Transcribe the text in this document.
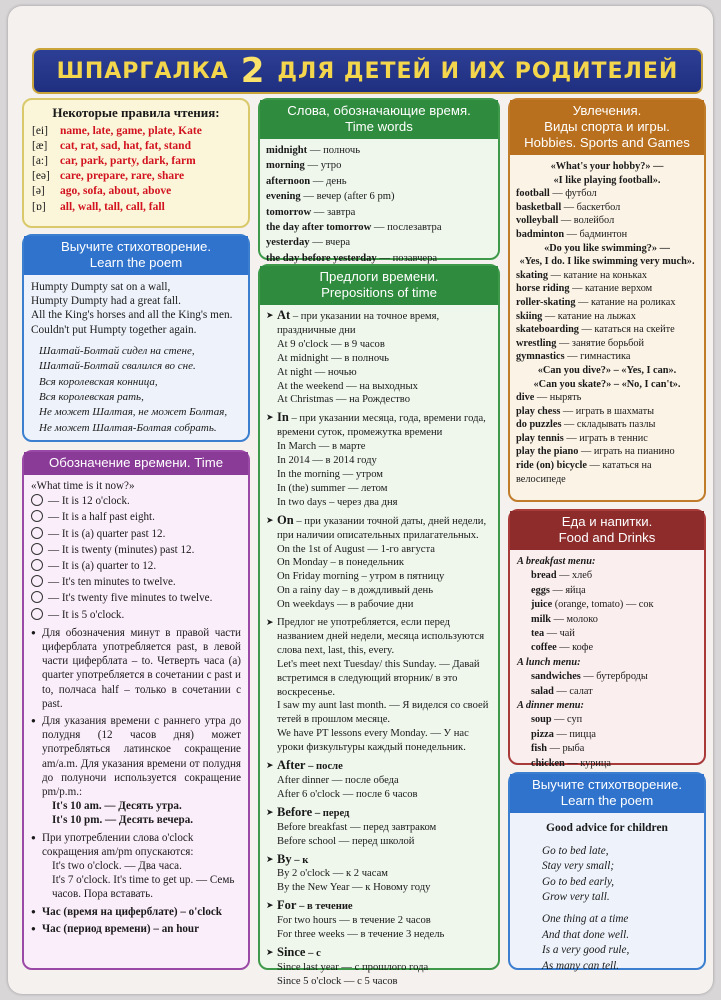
ШПАРГАЛКА 2 ДЛЯ ДЕТЕЙ И ИХ РОДИТЕЛЕЙ
Некоторые правила чтения:
[ei] name, late, game, plate, Kate
[æ] cat, rat, sad, hat, fat, stand
[a:] car, park, party, dark, farm
[eə] care, prepare, rare, share
[ə] ago, sofa, about, above
[ɒ] all, wall, tall, call, fall
Выучите стихотворение.
Learn the poem
Humpty Dumpty sat on a wall,
Humpty Dumpty had a great fall.
All the King's horses and all the King's men.
Couldn't put Humpty together again.
Шалтай-Болтай сидел на стене,
Шалтай-Болтай свалился во сне.
Вся королевская конница,
Вся королевская рать,
Не может Шалтая, не может Болтая,
Не может Шалтая-Болтая собрать.
Обозначение времени. Time
«What time is it now?»
— It is 12 o'clock.
— It is a half past eight.
— It is (a) quarter past 12.
— It is twenty (minutes) past 12.
— It is (a) quarter to 12.
— It's ten minutes to twelve.
— It's twenty five minutes to twelve.
— It is 5 o'clock.
● Для обозначения минут в правой части циферблата употребляется past, в левой части циферблата – to. Четверть часа (a) quarter употребляется в сочетании с past и to, полчаса half – только в сочетании с past.
● Для указания времени с раннего утра до полудня (12 часов дня) может употребляться латинское сокращение am/a.m. Для указания времени от полудня до полуночи используется сокращение pm/p.m.:
It's 10 am. — Десять утра.
It's 10 pm. — Десять вечера.
● При употреблении слова o'clock сокращения am/pm опускаются:
It's two o'clock. — Два часа.
It's 7 o'clock. It's time to get up. — Семь часов. Пора вставать.
● Час (время на циферблате) – o'clock
● Час (период времени) – an hour
Слова, обозначающие время.
Time words
midnight — полночь
morning — утро
afternoon — день
evening — вечер (after 6 pm)
tomorrow — завтра
the day after tomorrow — послезавтра
yesterday — вчера
the day before yesterday — позавчера
Предлоги времени.
Prepositions of time
➤ At – при указании на точное время, праздничные дни
At 9 o'clock — в 9 часов
At midnight — в полночь
At night — ночью
At the weekend — на выходных
At Christmas — на Рождество
➤ In – при указании месяца, года, времени года, времени суток, промежутка времени
In March — в марте
In 2014 — в 2014 году
In the morning — утром
In (the) summer — летом
In two days – через два дня
➤ On – при указании точной даты, дней недели, при наличии описательных прилагательных.
On the 1st of August — 1-го августа
On Monday – в понедельник
On Friday morning – утром в пятницу
On a rainy day – в дождливый день
On weekdays — в рабочие дни
➤ Предлог не употребляется, если перед названием дней недели, месяца используются слова next, last, this, every.
Let's meet next Tuesday/ this Sunday. — Давай встретимся в следующий вторник/ в это воскресенье.
I saw my aunt last month. — Я виделся со своей тетей в прошлом месяце.
We have PT lessons every Monday. — У нас уроки физкультуры каждый понедельник.
➤ After – после
After dinner — после обеда
After 6 o'clock — после 6 часов
➤ Before – перед
Before breakfast — перед завтраком
Before school — перед школой
➤ By – к
By 2 o'clock — к 2 часам
By the New Year — к Новому году
➤ For – в течение
For two hours — в течение 2 часов
For three weeks — в течение 3 недель
➤ Since – с
Since last year — с прошлого года
Since 5 o'clock — с 5 часов
Увлечения.
Виды спорта и игры.
Hobbies. Sports and Games
«What's your hobby?» —
«I like playing football».
football — футбол
basketball — баскетбол
volleyball — волейбол
badminton — бадминтон
«Do you like swimming?» —
«Yes, I do. I like swimming very much».
skating — катание на коньках
horse riding — катание верхом
roller-skating — катание на роликах
skiing — катание на лыжах
skateboarding — кататься на скейте
wrestling — занятие борьбой
gymnastics — гимнастика
«Can you dive?» – «Yes, I can».
«Can you skate?» – «No, I can't».
dive — нырять
play chess — играть в шахматы
do puzzles — складывать пазлы
play tennis — играть в теннис
play the piano — играть на пианино
ride (on) bicycle — кататься на велосипеде
Еда и напитки.
Food and Drinks
A breakfast menu:
bread — хлеб
eggs — яйца
juice (orange, tomato) — сок
milk — молоко
tea — чай
coffee — кофе
A lunch menu:
sandwiches — бутерброды
salad — салат
A dinner menu:
soup — суп
pizza — пицца
fish — рыба
chicken — курица
Выучите стихотворение.
Learn the poem
Good advice for children
Go to bed late,
Stay very small;
Go to bed early,
Grow very tall.

One thing at a time
And that done well.
Is a very good rule,
As many can tell.
